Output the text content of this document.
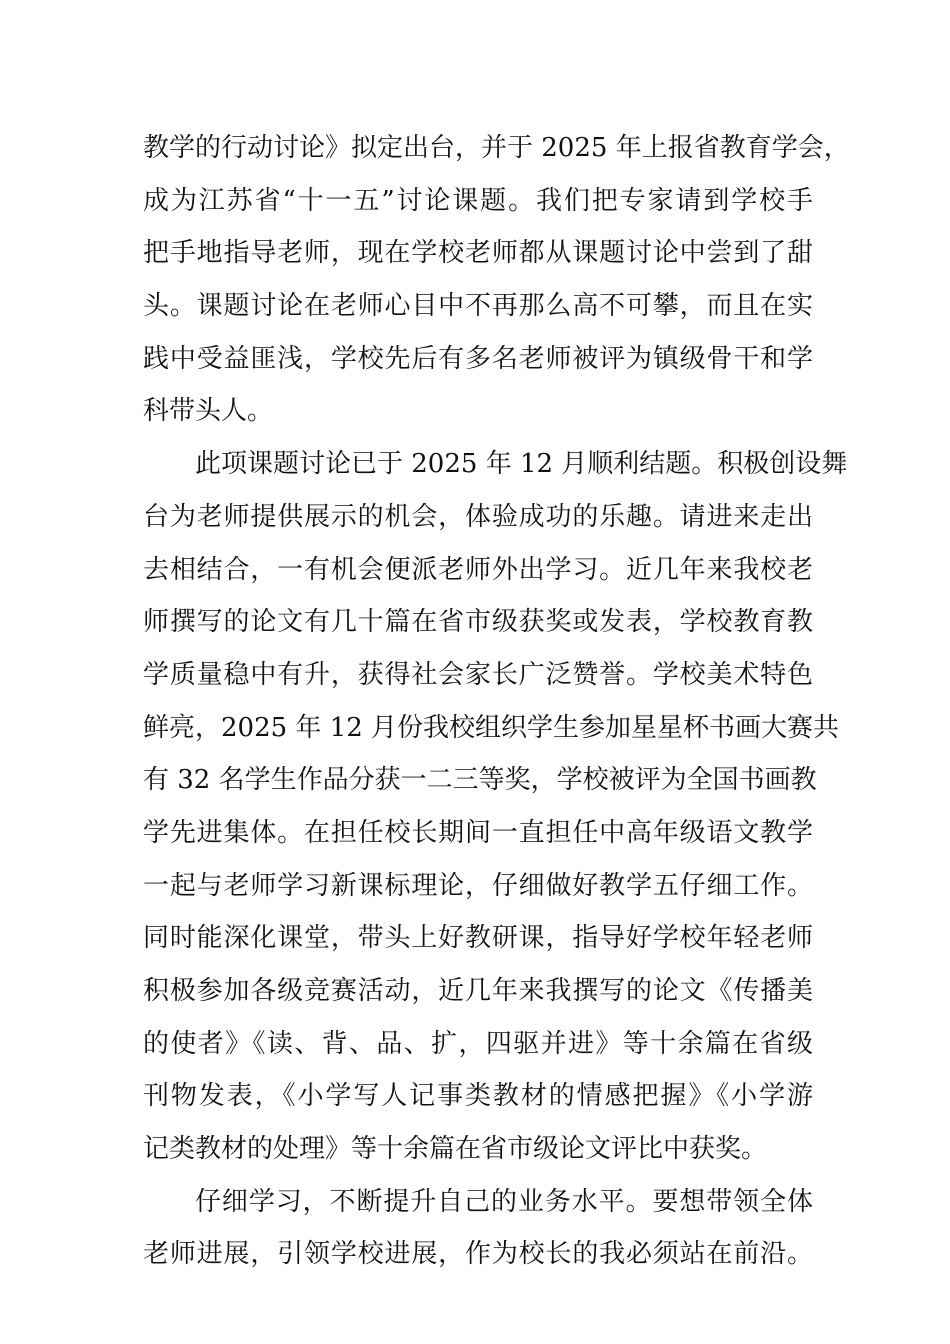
教学的行动讨论》拟定出台，并于 2025 年上报省教育学会，
成为江苏省“十一五”讨论课题。我们把专家请到学校手
把手地指导老师，现在学校老师都从课题讨论中尝到了甜
头。课题讨论在老师心目中不再那么高不可攀，而且在实
践中受益匪浅，学校先后有多名老师被评为镇级骨干和学
科带头人。
此项课题讨论已于 2025 年 12 月顺利结题。积极创设舞
台为老师提供展示的机会，体验成功的乐趣。请进来走出
去相结合，一有机会便派老师外出学习。近几年来我校老
师撰写的论文有几十篇在省市级获奖或发表，学校教育教
学质量稳中有升，获得社会家长广泛赞誉。学校美术特色
鲜亮，2025 年 12 月份我校组织学生参加星星杯书画大赛共
有 32 名学生作品分获一二三等奖，学校被评为全国书画教
学先进集体。在担任校长期间一直担任中高年级语文教学
一起与老师学习新课标理论，仔细做好教学五仔细工作。
同时能深化课堂，带头上好教研课，指导好学校年轻老师
积极参加各级竞赛活动，近几年来我撰写的论文《传播美
的使者》《读、背、品、扩，四驱并进》等十余篇在省级
刊物发表，《小学写人记事类教材的情感把握》《小学游
记类教材的处理》等十余篇在省市级论文评比中获奖。
仔细学习，不断提升自己的业务水平。要想带领全体
老师进展，引领学校进展，作为校长的我必须站在前沿。
